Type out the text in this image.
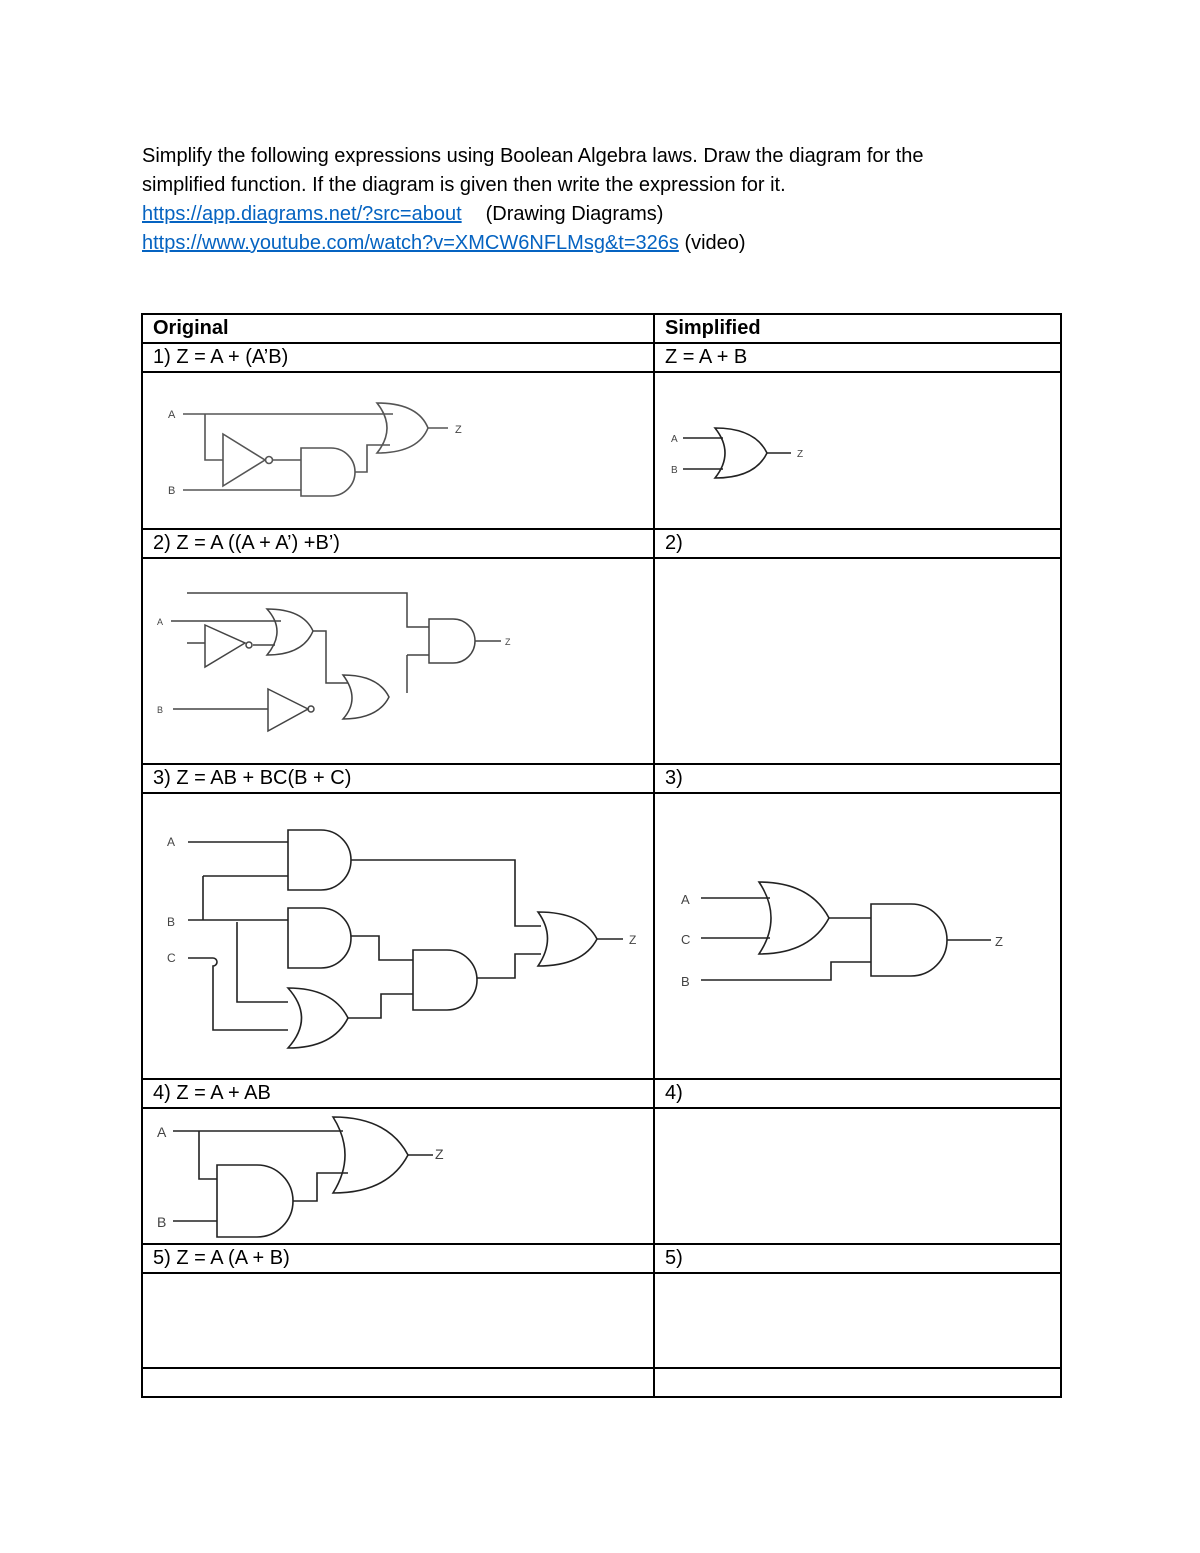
Simplify the following expressions using Boolean Algebra laws. Draw the diagram for the

simplified function. If the diagram is given then write the expression for it.

https://app.diagrams.net/?src=about (Drawing Diagrams)

https://www.youtube.com/watch?v=XMCW6NFLMsg&t=326s (video)

Original	Simplified
1) Z = A + (A’B)	Z = A + B

A
B
Z	A
B
Z

2) Z = A ((A + A’) +B’)	2)

A
B
Z	

3) Z = AB + BC(B + C)	3)

A
B
C
Z	A
C
B
Z

4) Z = A + AB	4)

A
B
Z	

5) Z = A (A + B)	5)
